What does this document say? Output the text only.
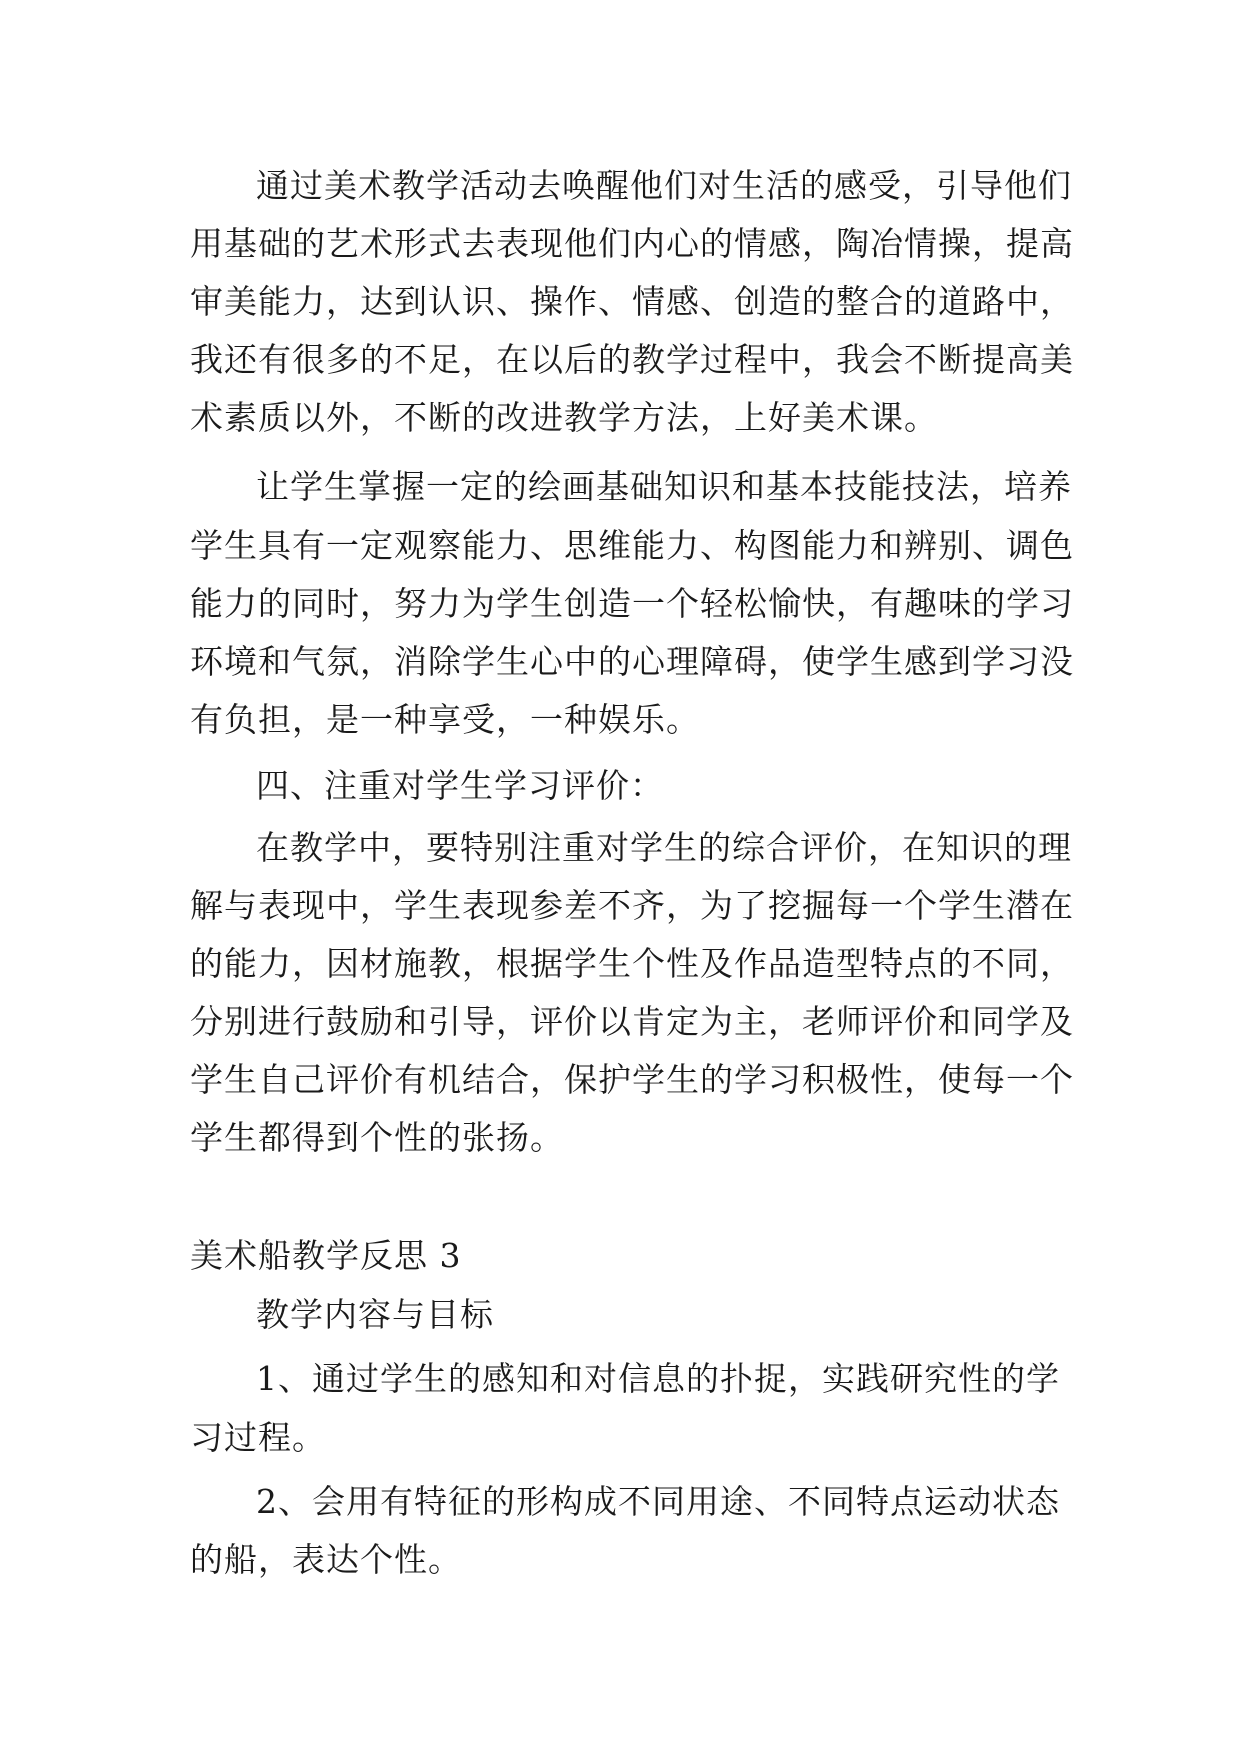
通过美术教学活动去唤醒他们对生活的感受，引导他们
用基础的艺术形式去表现他们内心的情感，陶冶情操，提高
审美能力，达到认识、操作、情感、创造的整合的道路中，
我还有很多的不足，在以后的教学过程中，我会不断提高美
术素质以外，不断的改进教学方法，上好美术课。
让学生掌握一定的绘画基础知识和基本技能技法，培养
学生具有一定观察能力、思维能力、构图能力和辨别、调色
能力的同时，努力为学生创造一个轻松愉快，有趣味的学习
环境和气氛，消除学生心中的心理障碍，使学生感到学习没
有负担，是一种享受，一种娱乐。
四、注重对学生学习评价：
在教学中，要特别注重对学生的综合评价，在知识的理
解与表现中，学生表现参差不齐，为了挖掘每一个学生潜在
的能力，因材施教，根据学生个性及作品造型特点的不同，
分别进行鼓励和引导，评价以肯定为主，老师评价和同学及
学生自己评价有机结合，保护学生的学习积极性，使每一个
学生都得到个性的张扬。
美术船教学反思 3
教学内容与目标
1、通过学生的感知和对信息的扑捉，实践研究性的学
习过程。
2、会用有特征的形构成不同用途、不同特点运动状态
的船，表达个性。
